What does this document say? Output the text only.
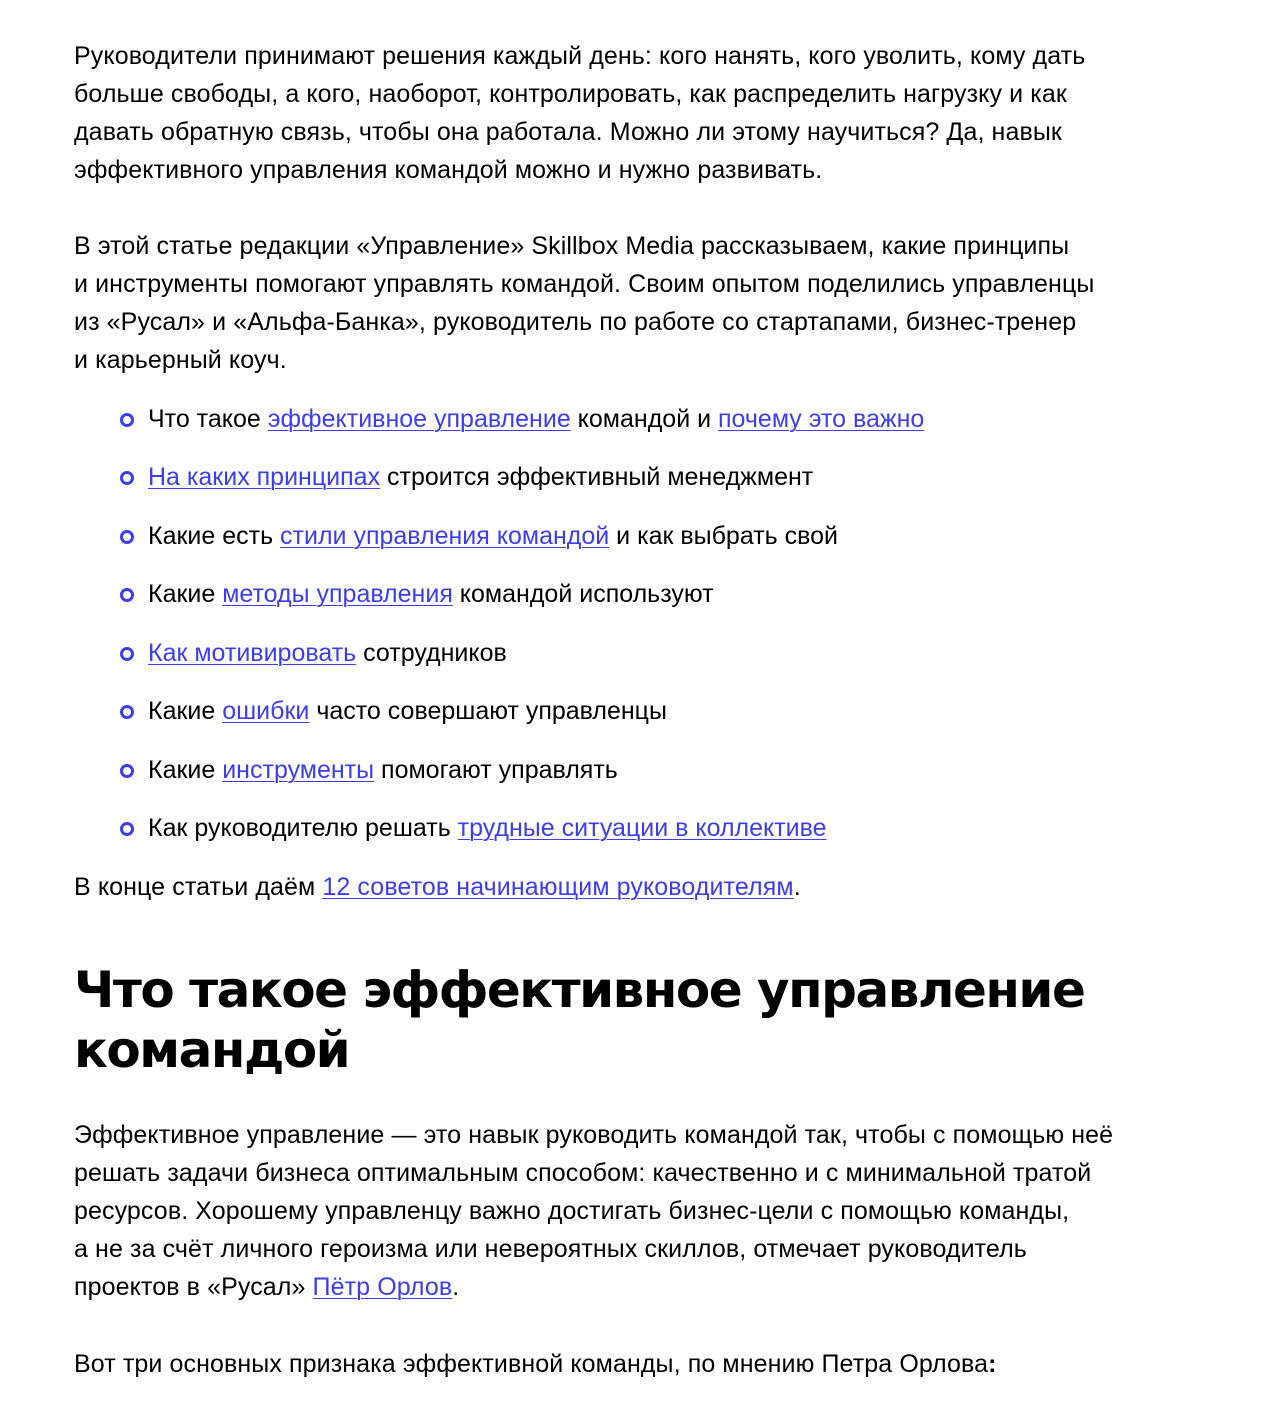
Руководители принимают решения каждый день: кого нанять, кого уволить, кому дать
больше свободы, а кого, наоборот, контролировать, как распределить нагрузку и как
давать обратную связь, чтобы она работала. Можно ли этому научиться? Да, навык
эффективного управления командой можно и нужно развивать.

В этой статье редакции «Управление» Skillbox Media рассказываем, какие принципы
и инструменты помогают управлять командой. Своим опытом поделились управленцы
из «Русал» и «Альфа-Банка», руководитель по работе со стартапами, бизнес-тренер
и карьерный коуч.

Что такое эффективное управление командой и почему это важно
На каких принципах строится эффективный менеджмент
Какие есть стили управления командой и как выбрать свой
Какие методы управления командой используют
Как мотивировать сотрудников
Какие ошибки часто совершают управленцы
Какие инструменты помогают управлять
Как руководителю решать трудные ситуации в коллективе

В конце статьи даём 12 советов начинающим руководителям.

Что такое эффективное управление
командой

Эффективное управление — это навык руководить командой так, чтобы с помощью неё
решать задачи бизнеса оптимальным способом: качественно и с минимальной тратой
ресурсов. Хорошему управленцу важно достигать бизнес-цели с помощью команды,
а не за счёт личного героизма или невероятных скиллов, отмечает руководитель
проектов в «Русал» Пётр Орлов.

Вот три основных признака эффективной команды, по мнению Петра Орлова:
